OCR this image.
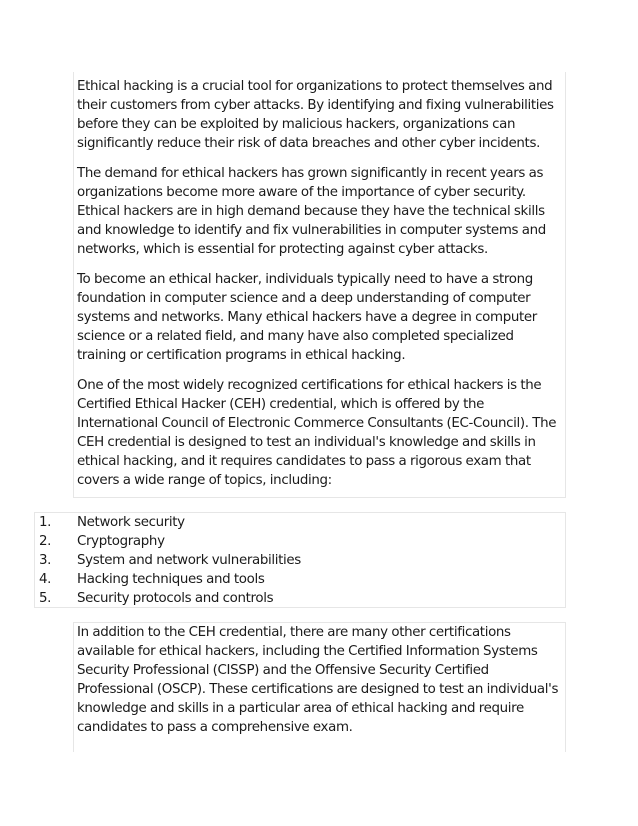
Ethical hacking is a crucial tool for organizations to protect themselves and their customers from cyber attacks. By identifying and fixing vulnerabilities before they can be exploited by malicious hackers, organizations can significantly reduce their risk of data breaches and other cyber incidents.

The demand for ethical hackers has grown significantly in recent years as organizations become more aware of the importance of cyber security. Ethical hackers are in high demand because they have the technical skills and knowledge to identify and fix vulnerabilities in computer systems and networks, which is essential for protecting against cyber attacks.

To become an ethical hacker, individuals typically need to have a strong foundation in computer science and a deep understanding of computer systems and networks. Many ethical hackers have a degree in computer science or a related field, and many have also completed specialized training or certification programs in ethical hacking.

One of the most widely recognized certifications for ethical hackers is the Certified Ethical Hacker (CEH) credential, which is offered by the International Council of Electronic Commerce Consultants (EC-Council). The CEH credential is designed to test an individual's knowledge and skills in ethical hacking, and it requires candidates to pass a rigorous exam that covers a wide range of topics, including:

1.	Network security
2.	Cryptography
3.	System and network vulnerabilities
4.	Hacking techniques and tools
5.	Security protocols and controls

In addition to the CEH credential, there are many other certifications available for ethical hackers, including the Certified Information Systems Security Professional (CISSP) and the Offensive Security Certified Professional (OSCP). These certifications are designed to test an individual's knowledge and skills in a particular area of ethical hacking and require candidates to pass a comprehensive exam.
